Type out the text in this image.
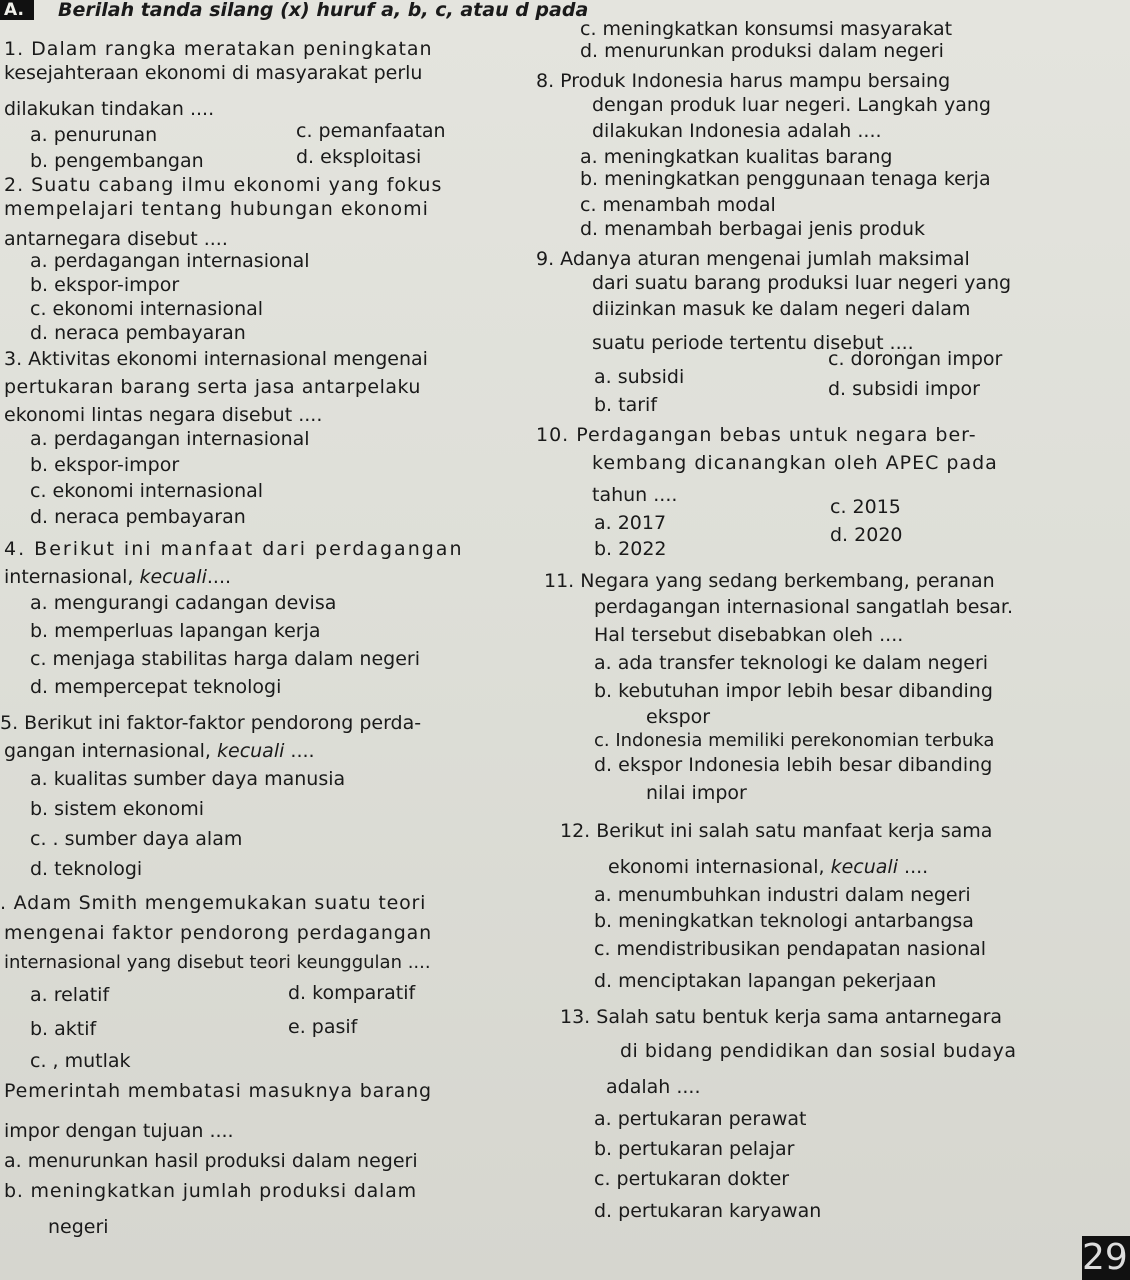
A. Berilah tanda silang (x) huruf a, b, c, atau d pada
1. Dalam rangka meratakan peningkatan
kesejahteraan ekonomi di masyarakat perlu
dilakukan tindakan ....
a. penurunan	c. pemanfaatan
b. pengembangan	d. eksploitasi
2. Suatu cabang ilmu ekonomi yang fokus
mempelajari tentang hubungan ekonomi
antarnegara disebut ....
a. perdagangan internasional
b. ekspor-impor
c. ekonomi internasional
d. neraca pembayaran
3. Aktivitas ekonomi internasional mengenai
pertukaran barang serta jasa antarpelaku
ekonomi lintas negara disebut ....
a. perdagangan internasional
b. ekspor-impor
c. ekonomi internasional
d. neraca pembayaran
4. Berikut ini manfaat dari perdagangan
internasional, kecuali....
a. mengurangi cadangan devisa
b. memperluas lapangan kerja
c. menjaga stabilitas harga dalam negeri
d. mempercepat teknologi
5. Berikut ini faktor-faktor pendorong perda-
gangan internasional, kecuali ....
a. kualitas sumber daya manusia
b. sistem ekonomi
c. . sumber daya alam
d. teknologi
. Adam Smith mengemukakan suatu teori
mengenai faktor pendorong perdagangan
internasional yang disebut teori keunggulan ....
a. relatif	d. komparatif
b. aktif	e. pasif
c. , mutlak
Pemerintah membatasi masuknya barang
impor dengan tujuan ....
a. menurunkan hasil produksi dalam negeri
b. meningkatkan jumlah produksi dalam
negeri
c. meningkatkan konsumsi masyarakat
d. menurunkan produksi dalam negeri
8. Produk Indonesia harus mampu bersaing
dengan produk luar negeri. Langkah yang
dilakukan Indonesia adalah ....
a. meningkatkan kualitas barang
b. meningkatkan penggunaan tenaga kerja
c. menambah modal
d. menambah berbagai jenis produk
9. Adanya aturan mengenai jumlah maksimal
dari suatu barang produksi luar negeri yang
diizinkan masuk ke dalam negeri dalam
suatu periode tertentu disebut ....
a. subsidi
c. dorongan impor
b. tarif
d. subsidi impor
10. Perdagangan bebas untuk negara ber-
kembang dicanangkan oleh APEC pada
tahun ....
a. 2017
c. 2015
b. 2022
d. 2020
11. Negara yang sedang berkembang, peranan
perdagangan internasional sangatlah besar.
Hal tersebut disebabkan oleh ....
a. ada transfer teknologi ke dalam negeri
b. kebutuhan impor lebih besar dibanding
ekspor
c. Indonesia memiliki perekonomian terbuka
d. ekspor Indonesia lebih besar dibanding
nilai impor
12. Berikut ini salah satu manfaat kerja sama
ekonomi internasional, kecuali ....
a. menumbuhkan industri dalam negeri
b. meningkatkan teknologi antarbangsa
c. mendistribusikan pendapatan nasional
d. menciptakan lapangan pekerjaan
13. Salah satu bentuk kerja sama antarnegara
di bidang pendidikan dan sosial budaya
adalah ....
a. pertukaran perawat
b. pertukaran pelajar
c. pertukaran dokter
d. pertukaran karyawan
29
